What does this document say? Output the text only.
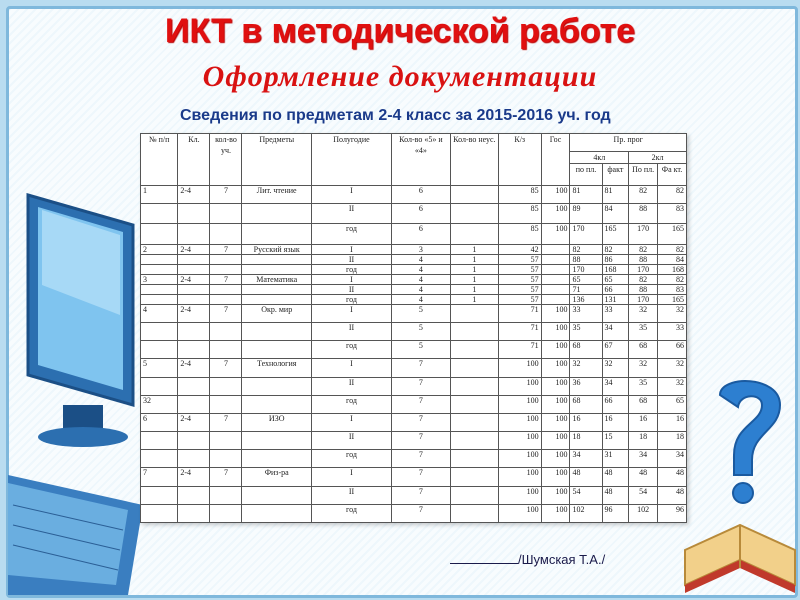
ИКТ в методической работе
Оформление документации
Сведения по предметам 2-4 класс за 2015-2016 уч. год
№ п/п	Кл.	кол-во уч.	Предметы	Полугодие	Кол-во «5» и «4»	Кол-во неус.	К/з	Гос	Пр. прог			
									4кл		2кл	
									по пл.	факт	По пл.	Фа кт.
1	2-4	7	Лит. чтение	I	6		85	100	81	81	82	82
				II	6		85	100	89	84	88	83
				год	6		85	100	170	165	170	165
2	2-4	7	Русский язык	I	3	1	42		82	82	82	82
				II	4	1	57		88	86	88	84
				год	4	1	57		170	168	170	168
3	2-4	7	Математика	I	4	1	57		65	65	82	82
				II	4	1	57		71	66	88	83
				год	4	1	57		136	131	170	165
4	2-4	7	Окр. мир	I	5		71	100	33	33	32	32
				II	5		71	100	35	34	35	33
				год	5		71	100	68	67	68	66
5	2-4	7	Технология	I	7		100	100	32	32	32	32
				II	7		100	100	36	34	35	32
32				год	7		100	100	68	66	68	65
6	2-4	7	ИЗО	I	7		100	100	16	16	16	16
				II	7		100	100	18	15	18	18
				год	7		100	100	34	31	34	34
7	2-4	7	Физ-ра	I	7		100	100	48	48	48	48
				II	7		100	100	54	48	54	48
				год	7		100	100	102	96	102	96
/Шумская Т.А./
